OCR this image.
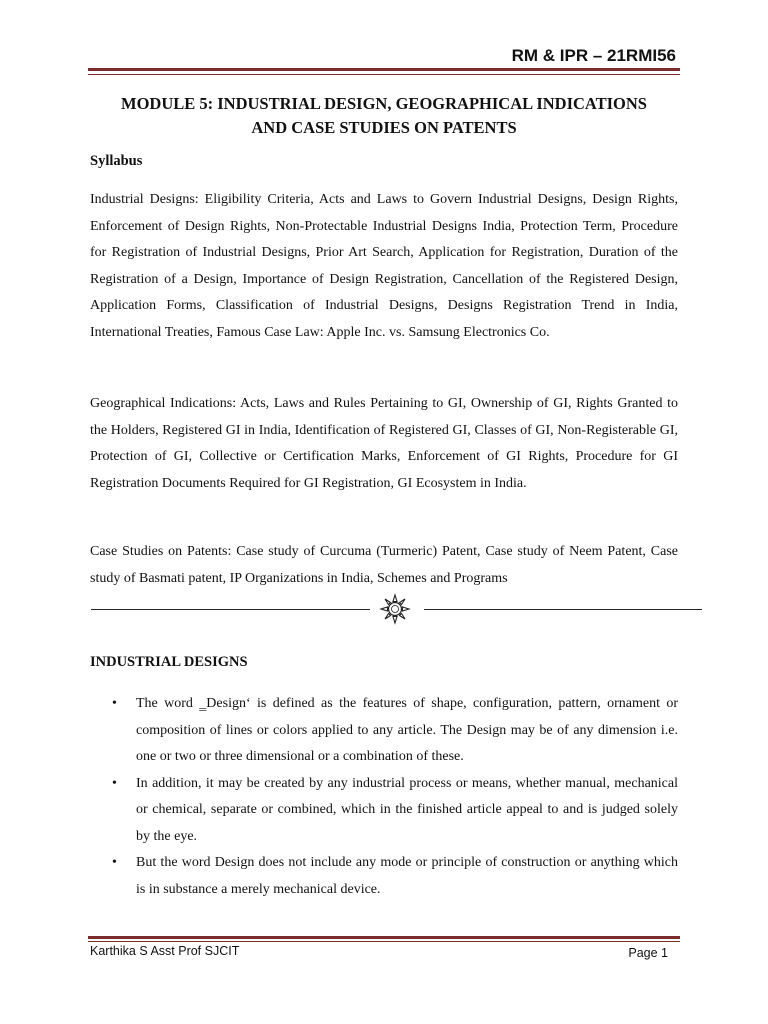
RM & IPR – 21RMI56
MODULE 5: INDUSTRIAL DESIGN, GEOGRAPHICAL INDICATIONS
AND CASE STUDIES ON PATENTS
Syllabus
Industrial Designs: Eligibility Criteria, Acts and Laws to Govern Industrial Designs, Design Rights, Enforcement of Design Rights, Non-Protectable Industrial Designs India, Protection Term, Procedure for Registration of Industrial Designs, Prior Art Search, Application for Registration, Duration of the Registration of a Design, Importance of Design Registration, Cancellation of the Registered Design, Application Forms, Classification of Industrial Designs, Designs Registration Trend in India, International Treaties, Famous Case Law: Apple Inc. vs. Samsung Electronics Co.
Geographical Indications: Acts, Laws and Rules Pertaining to GI, Ownership of GI, Rights Granted to the Holders, Registered GI in India, Identification of Registered GI, Classes of GI, Non-Registerable GI, Protection of GI, Collective or Certification Marks, Enforcement of GI Rights, Procedure for GI Registration Documents Required for GI Registration, GI Ecosystem in India.
Case Studies on Patents: Case study of Curcuma (Turmeric) Patent, Case study of Neem Patent, Case study of Basmati patent, IP Organizations in India, Schemes and Programs
INDUSTRIAL DESIGNS
• The word ‗Design‘ is defined as the features of shape, configuration, pattern, ornament or composition of lines or colors applied to any article. The Design may be of any dimension i.e. one or two or three dimensional or a combination of these.
• In addition, it may be created by any industrial process or means, whether manual, mechanical or chemical, separate or combined, which in the finished article appeal to and is judged solely by the eye.
• But the word Design does not include any mode or principle of construction or anything which is in substance a merely mechanical device.
Karthika S Asst Prof SJCIT	Page 1
